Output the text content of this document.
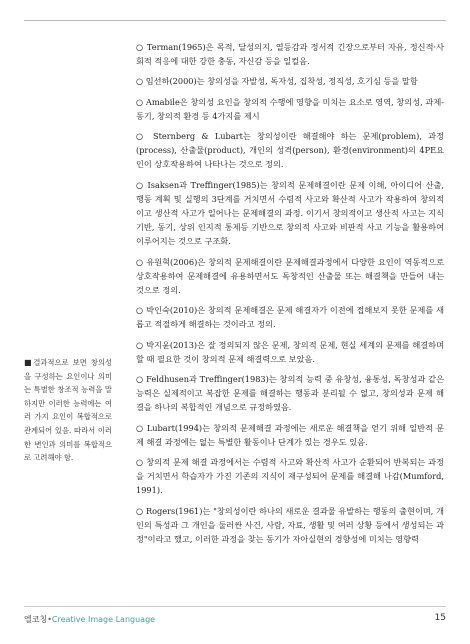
○ Terman(1965)은 목적, 달성의지, 열등감과 정서적 긴장으로부터 자유, 정신적·사회적 적응에 대한 강한 충동, 자신감 등을 일컬음.

○ 임선하(2000)는 창의성을 자발성, 독자성, 집착성, 정직성, 호기심 등을 말함

○ Amabile은 창의성 요인을 창의적 수행에 영향을 미치는 요소로 영역, 창의성, 과제-동기, 창의적 환경 등 4가지를 제시

○ Sternberg & Lubart는 창의성이란 해결해야 하는 문제(problem), 과정(process), 산출물(product), 개인의 성격(person), 환경(environment)의 4PE요인이 상호작용하여 나타나는 것으로 정의.

○ Isaksen과 Treffinger(1985)는 창의적 문제해결이란 문제 이해, 아이디어 산출, 행동 계획 및 실행의 3단계를 거치면서 수렴적 사고와 확산적 사고가 작용하여 창의적이고 생산적 사고가 일어나는 문제해결의 과정. 이기서 창의적이고 생산적 사고는 지식 기반, 동기, 상위 인지적 통제등 기반으로 창의적 사고와 비판적 사고 기능을 활용하여 이루어지는 것으로 구조화.

○ 유원혁(2006)은 창의적 문제해결이란 문제해결과정에서 다양한 요인이 역동적으로 상호작용하여 문제해결에 유용하면서도 독창적인 산출물 또는 해결책을 만들어 내는 것으로 정의.

○ 박인숙(2010)은 창의적 문제해결은 문제 해결자가 이전에 접해보지 못한 문제를 새롭고 적절하게 해결하는 것이라고 정의.

○ 박지윤(2013)은 잘 정의되지 않은 문제, 창의적 문제, 현실 세계의 문제를 해결하며 할 때 필요한 것이 창의적 문제 해결력으로 보았음.

○ Feldhusen과 Treffinger(1983)는 창의적 능력 중 유창성, 융통성, 독창성과 같은 능력은 실제적이고 복잡한 문제를 해결하는 행동과 분리될 수 없고, 창의성과 문제 해결을 하나의 복합적인 개념으로 규정하였음.

○ Lubart(1994)는 창의적 문제해결 과정에는 새로운 해결책을 얻기 위해 일반적 문제 해결 과정에는 없는 특별한 활동이나 단계가 있는 경우도 있음.

○ 창의적 문제 해결 과정에서는 수렴적 사고와 확산적 사고가 순환되어 반복되는 과정을 거치면서 학습자가 가진 기존의 지식이 재구성되어 문제를 해결해 나감(Mumford, 1991).

○ Rogers(1961)는 "창의성이란 하나의 새로운 결과물 유발하는 행동의 출현이며, 개인의 특성과 그 개인을 둘러싼 사건, 사람, 자료, 생활 및 여러 상황 등에서 생성되는 과정"이라고 했고, 이러한 과정을 찾는 동기가 자아실현의 경향성에 미치는 영향력

■결과적으로 보면 창의성을 구성하는 요인이나 의미는 특별한 창조적 능력을 말하지만 이러한 능력에는 여러 가지 요인이 복합적으로 관계되어 있음. 따라서 이러한 변인과 의미를 복합적으로 고려해야 함.
엘코칭•Creative Image Language	15
